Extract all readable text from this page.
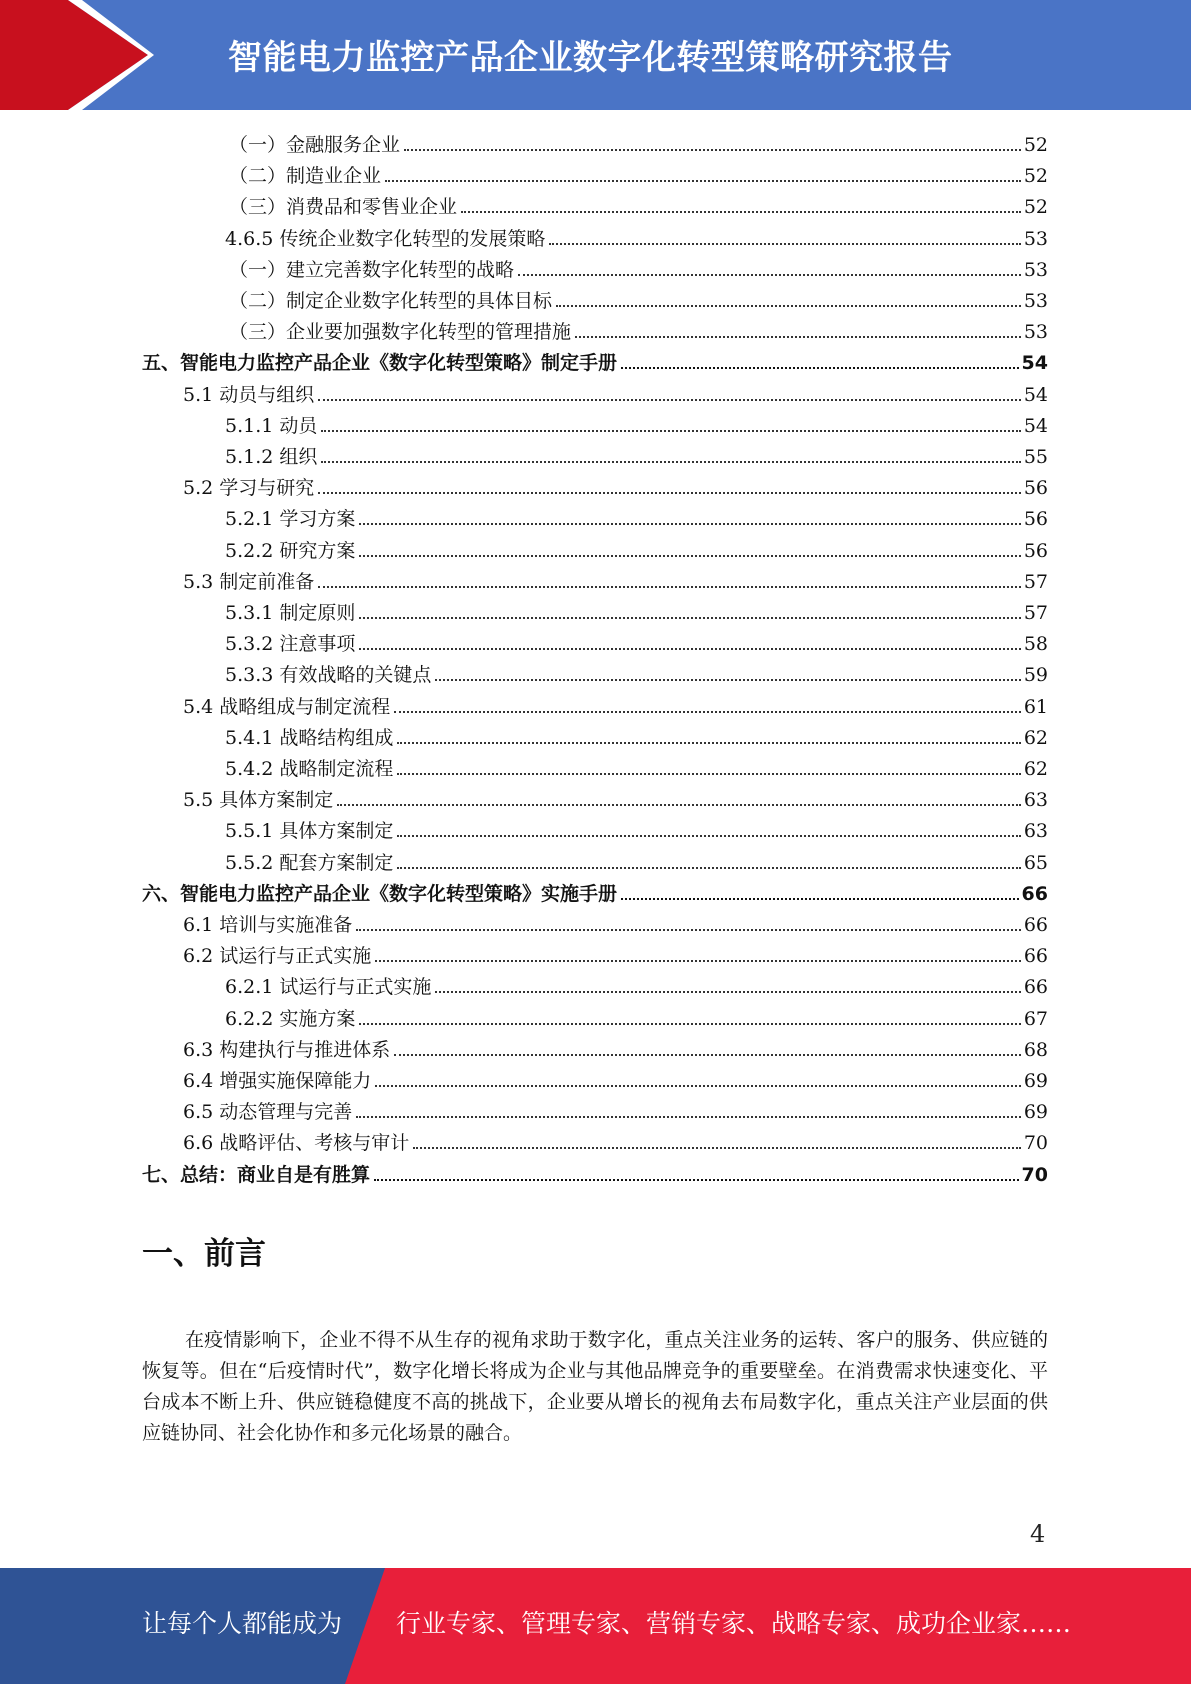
智能电力监控产品企业数字化转型策略研究报告
（一）金融服务企业	52
（二）制造业企业	52
（三）消费品和零售业企业	52
4.6.5 传统企业数字化转型的发展策略	53
（一）建立完善数字化转型的战略	53
（二）制定企业数字化转型的具体目标	53
（三）企业要加强数字化转型的管理措施	53
五、智能电力监控产品企业《数字化转型策略》制定手册	54
5.1 动员与组织	54
5.1.1 动员	54
5.1.2 组织	55
5.2 学习与研究	56
5.2.1 学习方案	56
5.2.2 研究方案	56
5.3 制定前准备	57
5.3.1 制定原则	57
5.3.2 注意事项	58
5.3.3 有效战略的关键点	59
5.4 战略组成与制定流程	61
5.4.1 战略结构组成	62
5.4.2 战略制定流程	62
5.5 具体方案制定	63
5.5.1 具体方案制定	63
5.5.2 配套方案制定	65
六、智能电力监控产品企业《数字化转型策略》实施手册	66
6.1 培训与实施准备	66
6.2 试运行与正式实施	66
6.2.1 试运行与正式实施	66
6.2.2 实施方案	67
6.3 构建执行与推进体系	68
6.4 增强实施保障能力	69
6.5 动态管理与完善	69
6.6 战略评估、考核与审计	70
七、总结：商业自是有胜算	70
一、前言
在疫情影响下，企业不得不从生存的视角求助于数字化，重点关注业务的运转、客户的服务、供应链的恢复等。但在“后疫情时代”，数字化增长将成为企业与其他品牌竞争的重要壁垒。在消费需求快速变化、平台成本不断上升、供应链稳健度不高的挑战下，企业要从增长的视角去布局数字化，重点关注产业层面的供应链协同、社会化协作和多元化场景的融合。
4
让每个人都能成为 行业专家、管理专家、营销专家、战略专家、成功企业家……
